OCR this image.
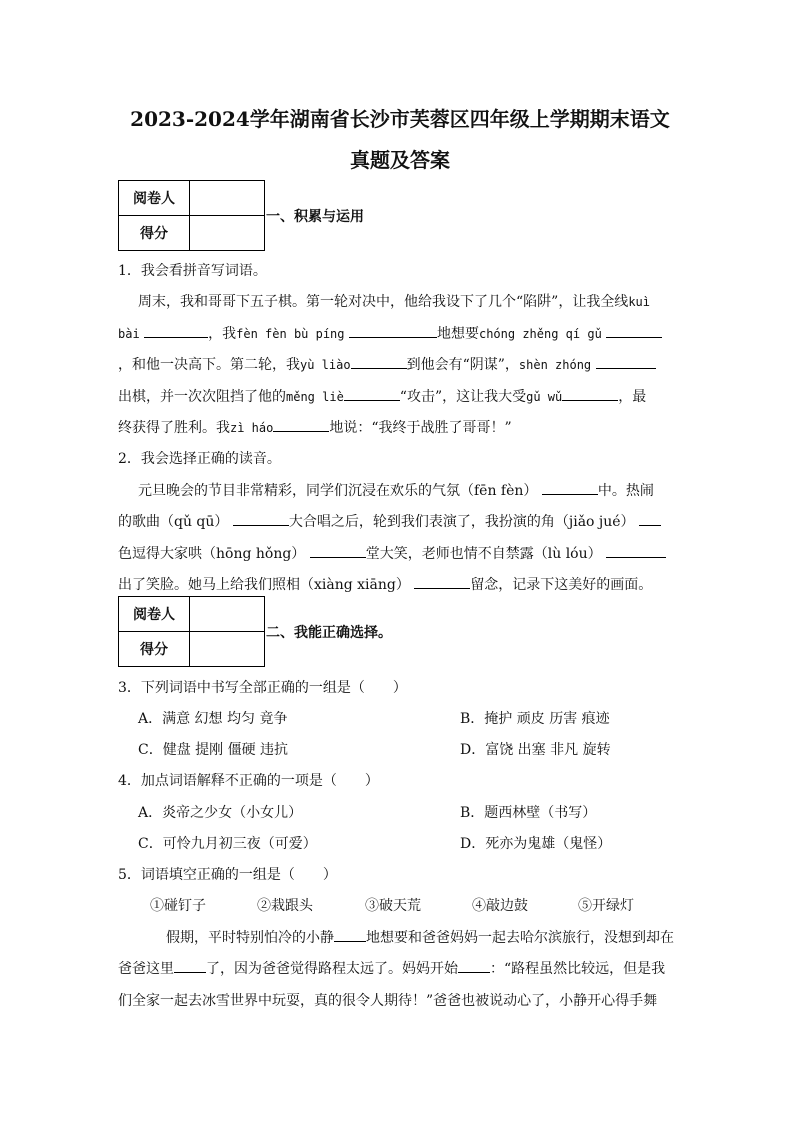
2023-2024学年湖南省长沙市芙蓉区四年级上学期期末语文
真题及答案
阅卷人	
得分	
一、积累与运用
1．我会看拼音写词语。
周末，我和哥哥下五子棋。第一轮对决中，他给我设下了几个“陷阱”，让我全线kuì
bài	，我fèn fèn bù píng	地想要chóng zhěng qí gǔ
，和他一决高下。第二轮，我yù liào	到他会有“阴谋”，shèn zhóng
出棋，并一次次阻挡了他的měng liè	“攻击”，这让我大受gǔ wǔ	，最
终获得了胜利。我zì háo	地说：“我终于战胜了哥哥！”
2．我会选择正确的读音。
元旦晚会的节目非常精彩，同学们沉浸在欢乐的气氛（fēn fèn）	中。热闹
的歌曲（qǔ qū）	大合唱之后，轮到我们表演了，我扮演的角（jiǎo jué）
色逗得大家哄（hōng hǒng）	堂大笑，老师也情不自禁露（lù lóu）
出了笑脸。她马上给我们照相（xiàng xiāng）	留念，记录下这美好的画面。
阅卷人	
得分	
二、我能正确选择。
3．下列词语中书写全部正确的一组是（　　）
A．满意 幻想 均匀 竟争	B．掩护 顽皮 历害 痕迹
C．健盘 提刚 僵硬 违抗	D．富饶 出塞 非凡 旋转
4．加点词语解释不正确的一项是（　　）
A．炎帝之少女（小女儿）	B．题西林壁（书写）
C．可怜九月初三夜（可爱）	D．死亦为鬼雄（鬼怪）
5．词语填空正确的一组是（　　）
①碰钉子	②栽跟头	③破天荒	④敲边鼓	⑤开绿灯
假期，平时特别怕冷的小静 地想要和爸爸妈妈一起去哈尔滨旅行，没想到却在
爸爸这里 了，因为爸爸觉得路程太远了。妈妈开始 ：“路程虽然比较远，但是我
们全家一起去冰雪世界中玩耍，真的很令人期待！”爸爸也被说动心了，小静开心得手舞
